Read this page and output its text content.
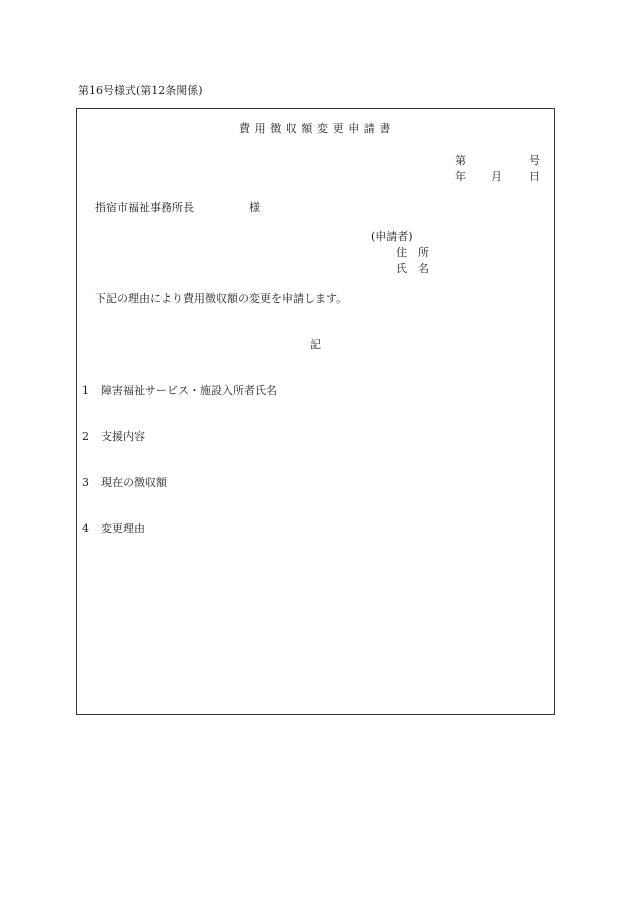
第16号様式(第12条関係)
費用徴収額変更申請書
第	号
年 月 日
指宿市福祉事務所長	様
(申請者)
住所
氏名
下記の理由により費用徴収額の変更を申請します。
記
1 障害福祉サービス・施設入所者氏名
2 支援内容
3 現在の徴収額
4 変更理由
